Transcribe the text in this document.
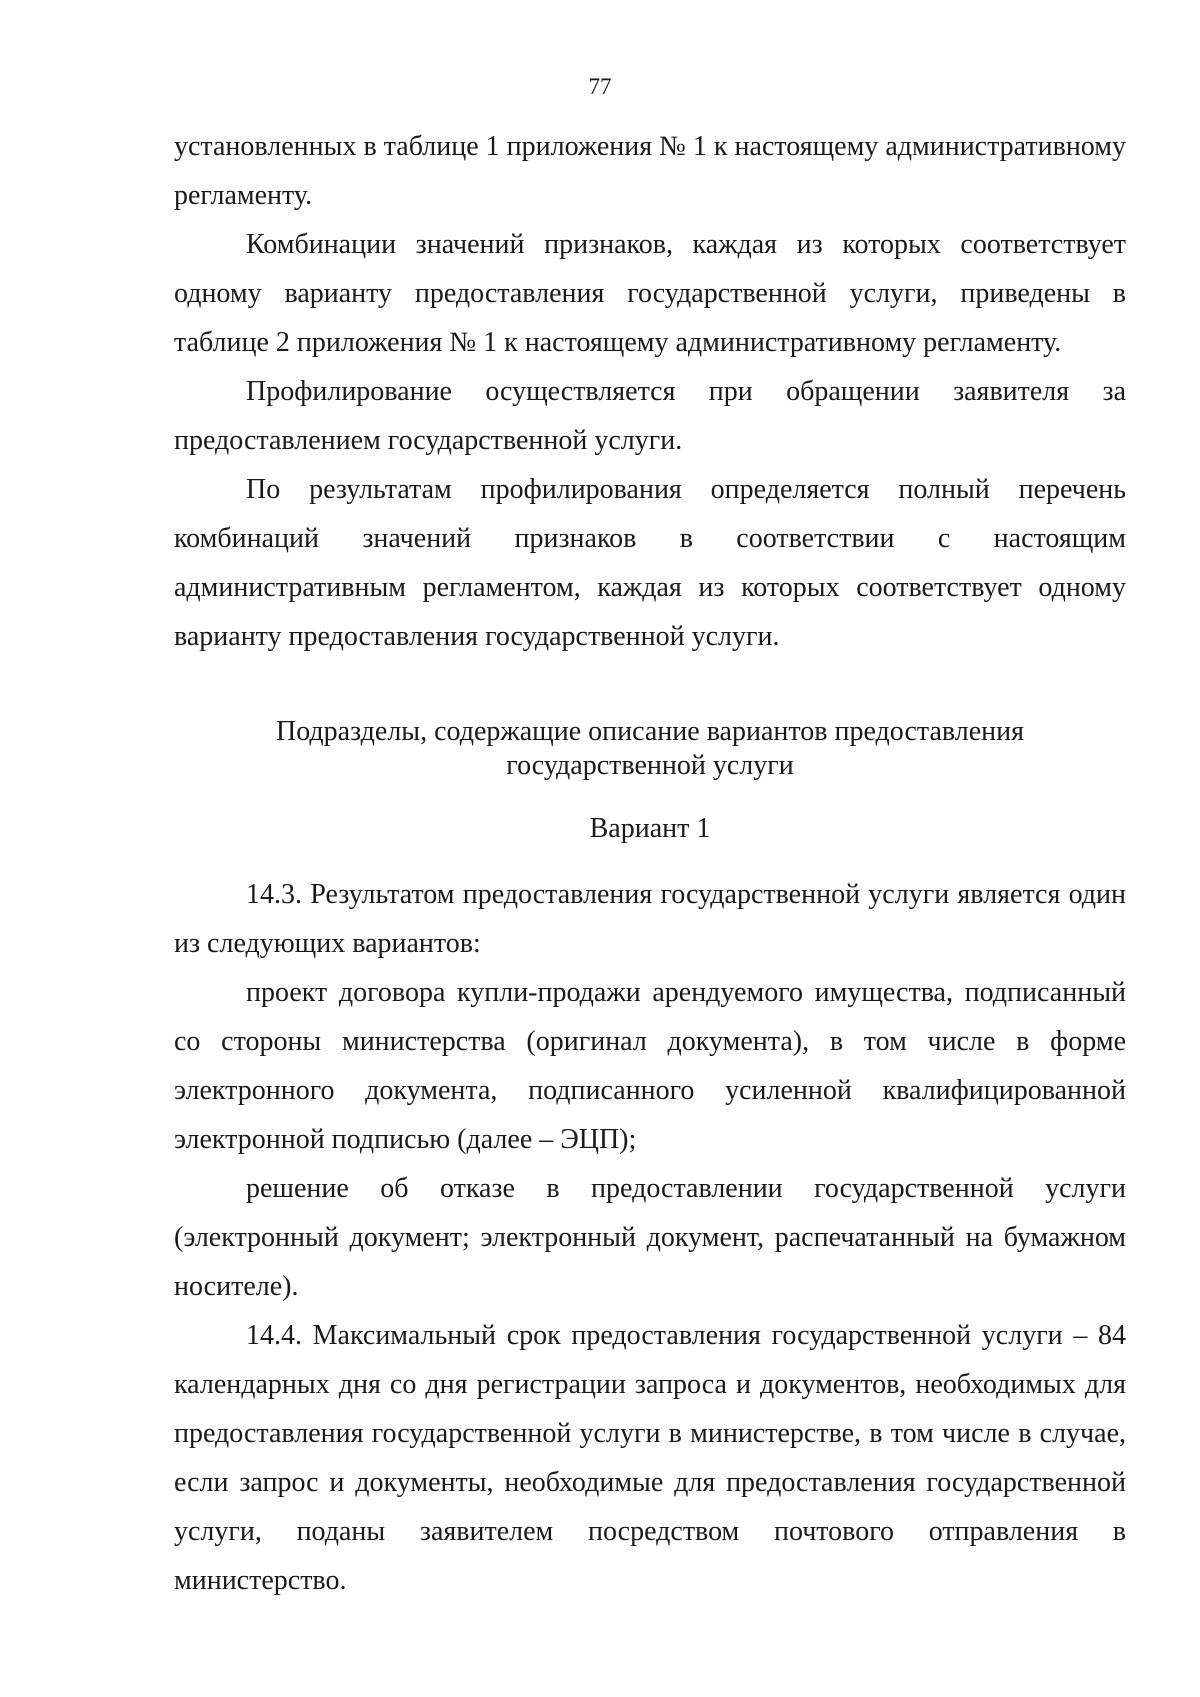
77

установленных в таблице 1 приложения № 1 к настоящему административному регламенту.

Комбинации значений признаков, каждая из которых соответствует одному варианту предоставления государственной услуги, приведены в таблице 2 приложения № 1 к настоящему административному регламенту.

Профилирование осуществляется при обращении заявителя за предоставлением государственной услуги.

По результатам профилирования определяется полный перечень комбинаций значений признаков в соответствии с настоящим административным регламентом, каждая из которых соответствует одному варианту предоставления государственной услуги.

Подразделы, содержащие описание вариантов предоставления

государственной услуги

Вариант 1

14.3. Результатом предоставления государственной услуги является один из следующих вариантов:

проект договора купли-продажи арендуемого имущества, подписанный со стороны министерства (оригинал документа), в том числе в форме электронного документа, подписанного усиленной квалифицированной электронной подписью (далее – ЭЦП);

решение об отказе в предоставлении государственной услуги (электронный документ; электронный документ, распечатанный на бумажном носителе).

14.4. Максимальный срок предоставления государственной услуги – 84 календарных дня со дня регистрации запроса и документов, необходимых для предоставления государственной услуги в министерстве, в том числе в случае, если запрос и документы, необходимые для предоставления государственной услуги, поданы заявителем посредством почтового отправления в министерство.
